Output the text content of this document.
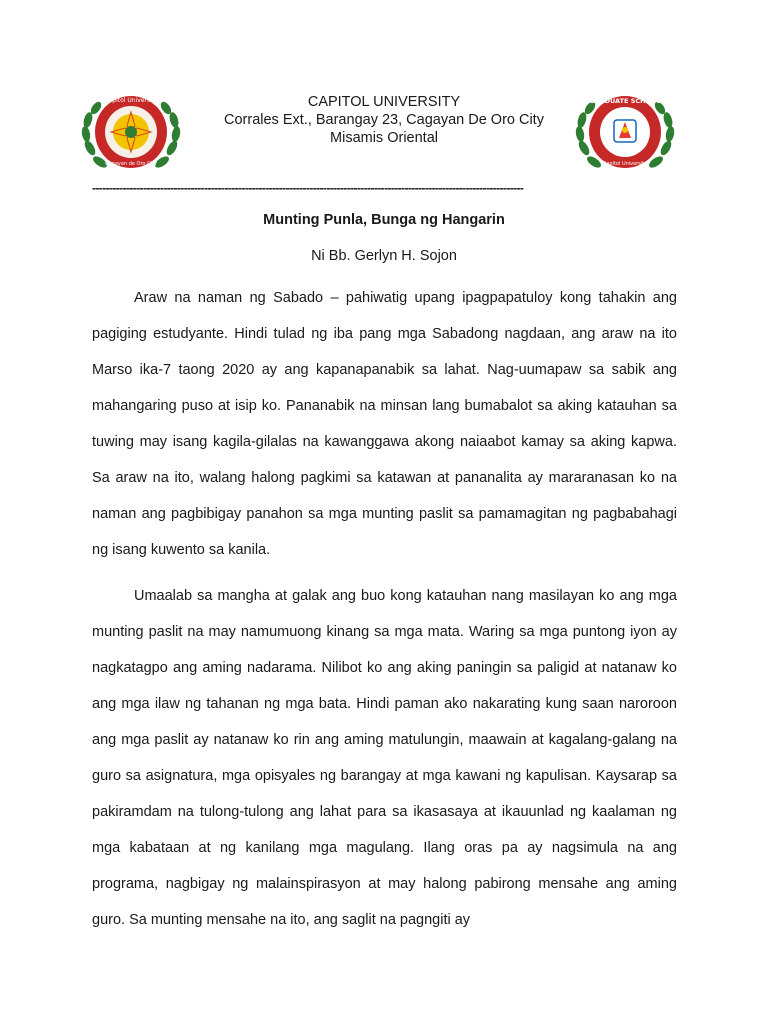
Capitol University
Cagayan de Oro City
1971
CAPITOL UNIVERSITY
Corrales Ext., Barangay 23, Cagayan De Oro City
Misamis Oriental
GRADUATE SCHOOL
Capitol University
1971
-------------------------------------------------------------------------------------------------------------------------------
Munting Punla, Bunga ng Hangarin
Ni Bb. Gerlyn H. Sojon

Araw na naman ng Sabado – pahiwatig upang ipagpapatuloy kong tahakin ang pagiging estudyante. Hindi tulad ng iba pang mga Sabadong nagdaan, ang araw na ito Marso ika-7 taong 2020 ay ang kapanapanabik sa lahat. Nag-uumapaw sa sabik ang mahangaring puso at isip ko. Pananabik na minsan lang bumabalot sa aking katauhan sa tuwing may isang kagila-gilalas na kawanggawa akong naiaabot kamay sa aking kapwa. Sa araw na ito, walang halong pagkimi sa katawan at pananalita ay mararanasan ko na naman ang pagbibigay panahon sa mga munting paslit sa pamamagitan ng pagbabahagi ng isang kuwento sa kanila.

Umaalab sa mangha at galak ang buo kong katauhan nang masilayan ko ang mga munting paslit na may namumuong kinang sa mga mata. Waring sa mga puntong iyon ay nagkatagpo ang aming nadarama. Nilibot ko ang aking paningin sa paligid at natanaw ko ang mga ilaw ng tahanan ng mga bata. Hindi paman ako nakarating kung saan naroroon ang mga paslit ay natanaw ko rin ang aming matulungin, maawain at kagalang-galang na guro sa asignatura, mga opisyales ng barangay at mga kawani ng kapulisan. Kaysarap sa pakiramdam na tulong-tulong ang lahat para sa ikasasaya at ikauunlad ng kaalaman ng mga kabataan at ng kanilang mga magulang. Ilang oras pa ay nagsimula na ang programa, nagbigay ng malainspirasyon at may halong pabirong mensahe ang aming guro. Sa munting mensahe na ito, ang saglit na pagngiti ay
